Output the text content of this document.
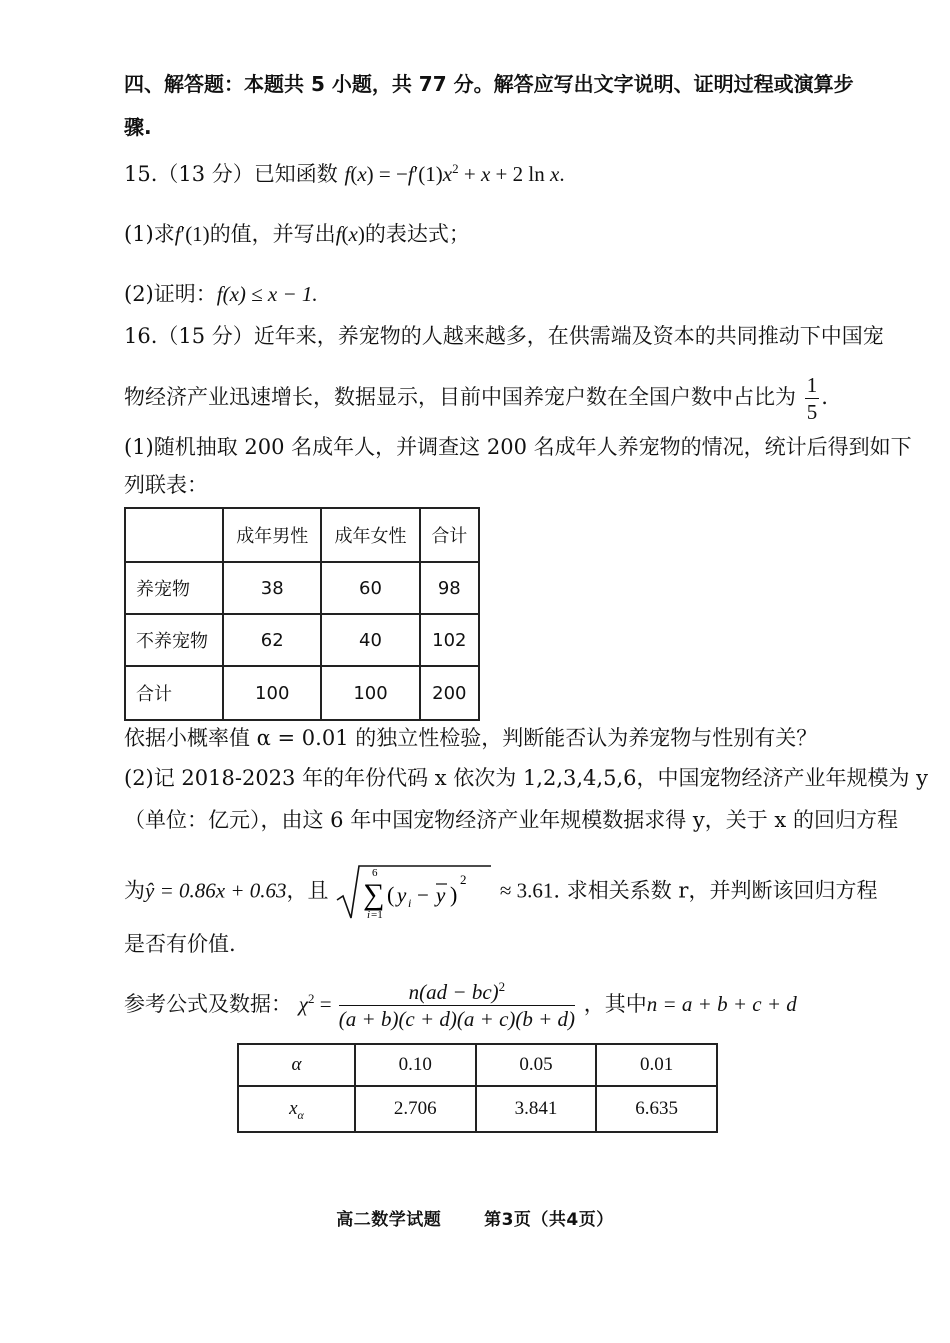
四、解答题：本题共 5 小题，共 77 分。解答应写出文字说明、证明过程或演算步
骤.
15.（13 分）已知函数 $f(x) = -f'(1)x^2 + x + 2$ ln x.
(1)求f′(1)的值，并写出f(x)的表达式；
(2)证明：f(x) ≤ x − 1.
16.（15 分）近年来，养宠物的人越来越多，在供需端及资本的共同推动下中国宠
物经济产业迅速增长，数据显示，目前中国养宠户数在全国户数中占比为 $\frac{1}{5}$ .
(1)随机抽取 200 名成年人，并调查这 200 名成年人养宠物的情况，统计后得到如下
列联表：
	成年男性	成年女性	合计
养宠物	38	60	98
不养宠物	62	40	102
合计	100	100	200
依据小概率值 α = 0.01 的独立性检验，判断能否认为养宠物与性别有关？
(2)记 2018-2023 年的年份代码 x 依次为 1,2,3,4,5,6，中国宠物经济产业年规模为 y
（单位：亿元），由这 6 年中国宠物经济产业年规模数据求得 y，关于 x 的回归方程
为ŷ = 0.86x + 0.63，且
6
∑
i =1
( y i − y )
2 ≈ 3.61. 求相关系数 r，并判断该回归方程
是否有价值.
参考公式及数据： $\chi^2 = \frac{n(ad - bc)^2}{(a + b)(c + d)(a + c)(b + d)}$ ，其中n = a + b + c + d
α	0.10	0.05	0.01
$x_\alpha$	2.706	3.841	6.635
高二数学试题	第3页（共4页）
